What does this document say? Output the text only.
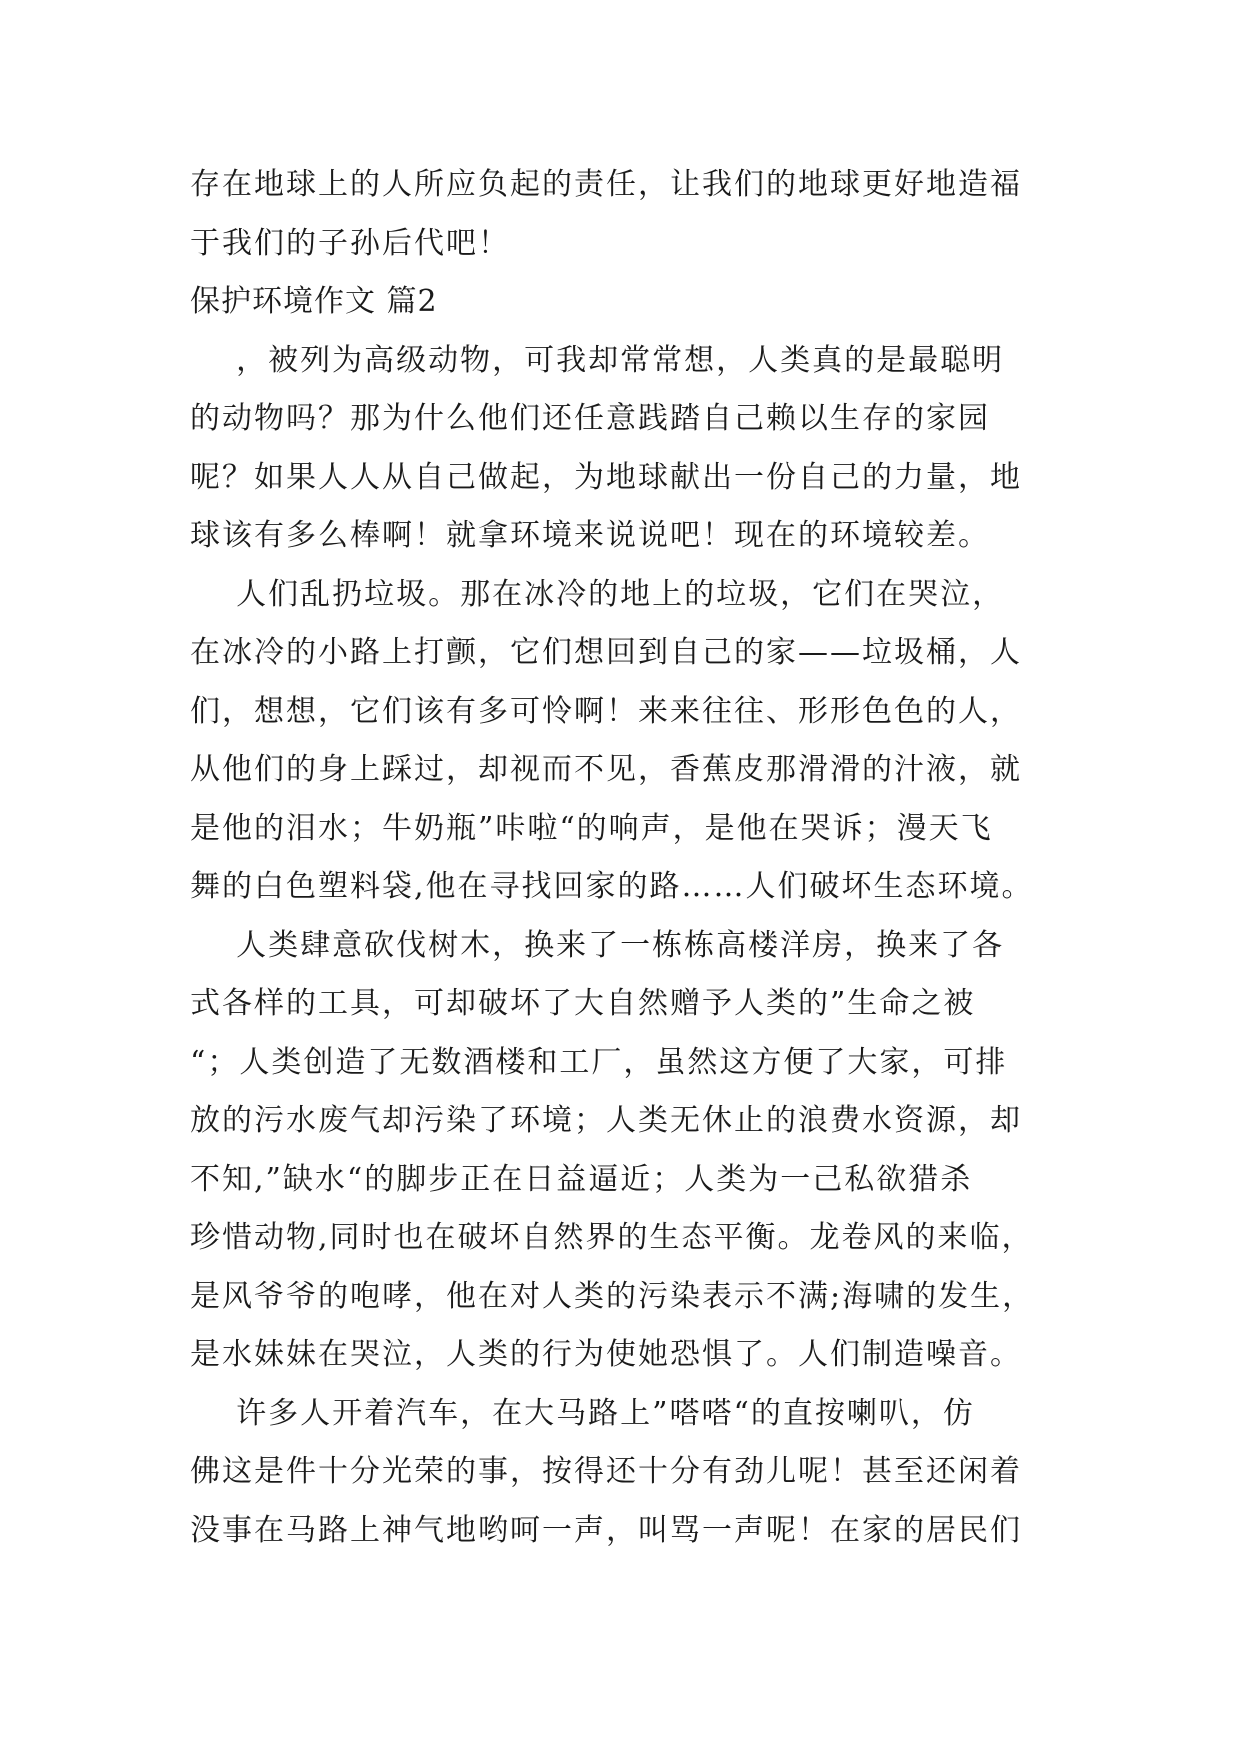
存在地球上的人所应负起的责任，让我们的地球更好地造福
于我们的子孙后代吧！
保护环境作文 篇2
，被列为高级动物，可我却常常想，人类真的是最聪明
的动物吗？那为什么他们还任意践踏自己赖以生存的家园
呢？如果人人从自己做起，为地球献出一份自己的力量，地
球该有多么棒啊！就拿环境来说说吧！现在的环境较差。
人们乱扔垃圾。那在冰冷的地上的垃圾，它们在哭泣，
在冰冷的小路上打颤，它们想回到自己的家——垃圾桶，人
们，想想，它们该有多可怜啊！来来往往、形形色色的人，
从他们的身上踩过，却视而不见，香蕉皮那滑滑的汁液，就
是他的泪水；牛奶瓶”咔啦“的响声，是他在哭诉；漫天飞
舞的白色塑料袋,他在寻找回家的路……人们破坏生态环境。
人类肆意砍伐树木，换来了一栋栋高楼洋房，换来了各
式各样的工具，可却破坏了大自然赠予人类的”生命之被
“；人类创造了无数酒楼和工厂，虽然这方便了大家，可排
放的污水废气却污染了环境；人类无休止的浪费水资源，却
不知,”缺水“的脚步正在日益逼近；人类为一己私欲猎杀
珍惜动物,同时也在破坏自然界的生态平衡。龙卷风的来临，
是风爷爷的咆哮，他在对人类的污染表示不满;海啸的发生，
是水妹妹在哭泣，人类的行为使她恐惧了。人们制造噪音。
许多人开着汽车，在大马路上”嗒嗒“的直按喇叭，仿
佛这是件十分光荣的事，按得还十分有劲儿呢！甚至还闲着
没事在马路上神气地哟呵一声，叫骂一声呢！在家的居民们
